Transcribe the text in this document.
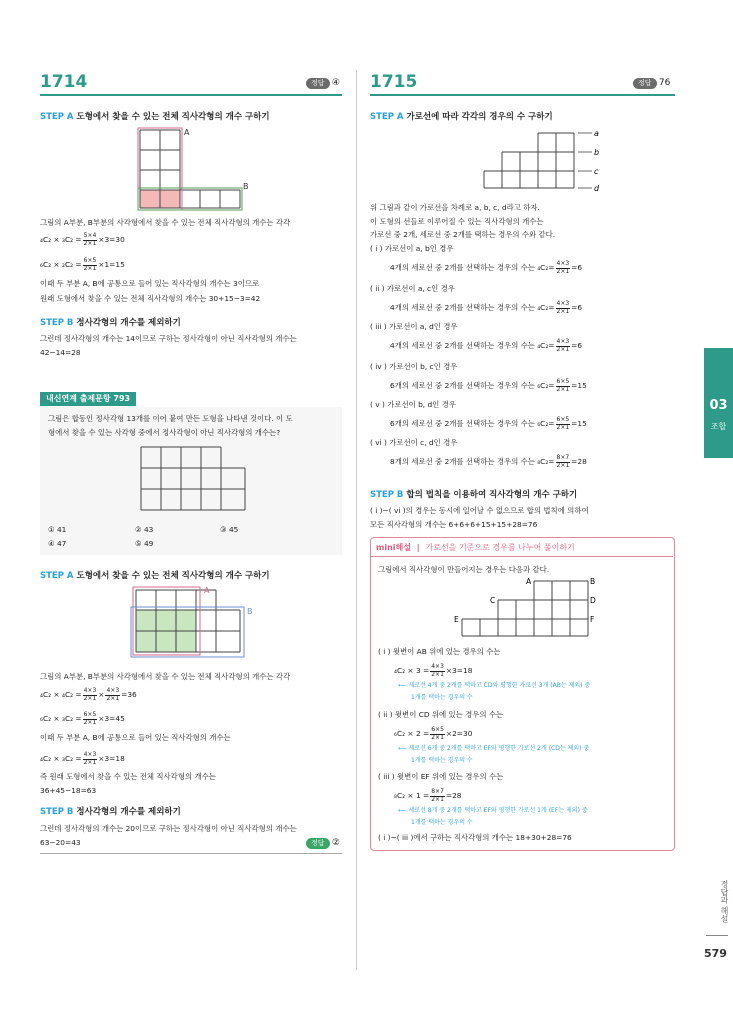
1714	정답 ④
STEP A 도형에서 찾을 수 있는 전체 직사각형의 개수 구하기
A
B
그림의 A부분, B부분의 사각형에서 찾을 수 있는 전체 직사각형의 개수는 각각
$_4C_2 \times _3C_2 = \frac{5\times 4}{2\times 1} \times 3=30$
$_6C_2 \times _2C_2 = \frac{6\times 5}{2\times 1} \times 1=15$
이때 두 부분 A, B에 공통으로 들어 있는 직사각형의 개수는 3이므로
원래 도형에서 찾을 수 있는 전체 직사각형의 개수는 30+15−3=42
STEP B 정사각형의 개수를 제외하기
그런데 정사각형의 개수는 14이므로 구하는 정사각형이 아닌 직사각형의 개수는
42−14=28
내신연계 출제문항 793
그림은 합동인 정사각형 13개를 이어 붙여 만든 도형을 나타낸 것이다. 이 도
형에서 찾을 수 있는 사각형 중에서 정사각형이 아닌 직사각형의 개수는?
① 41	② 43	③ 45
④ 47	⑤ 49
STEP A 도형에서 찾을 수 있는 전체 직사각형의 개수 구하기
A
B
그림의 A부분, B부분의 사각형에서 찾을 수 있는 전체 직사각형의 개수는 각각
$_4C_2 \times _4C_2 = \frac{4\times 3}{2\times 1} \times \frac{4\times 3}{2\times 1} =36$
$_6C_2 \times _3C_2 = \frac{6\times 5}{2\times 1} \times 3=45$
이때 두 부분 A, B에 공통으로 들어 있는 직사각형의 개수는
$_4C_2 \times _3C_2 = \frac{4\times 3}{2\times 1} \times 3=18$
즉 원래 도형에서 찾을 수 있는 전체 직사각형의 개수는
36+45−18=63
STEP B 정사각형의 개수를 제외하기
그런데 정사각형의 개수는 20이므로 구하는 정사각형이 아닌 직사각형의 개수는
63−20=43	정답 ②
1715	정답 76
STEP A 가로선에 따라 각각의 경우의 수 구하기
a
b
c
d
위 그림과 같이 가로선을 차례로 a, b, c, d라고 하자.
이 도형의 선들로 이루어질 수 있는 직사각형의 개수는
가로선 중 2개, 세로선 중 2개를 택하는 경우의 수와 같다.
( i ) 가로선이 a, b인 경우
4개의 세로선 중 2개를 선택하는 경우의 수는 $_4C_2= \frac{4\times 3}{2\times 1} =6$
( ii ) 가로선이 a, c인 경우
4개의 세로선 중 2개를 선택하는 경우의 수는 $_4C_2= \frac{4\times 3}{2\times 1} =6$
( iii ) 가로선이 a, d인 경우
4개의 세로선 중 2개를 선택하는 경우의 수는 $_4C_2= \frac{4\times 3}{2\times 1} =6$
( iv ) 가로선이 b, c인 경우
6개의 세로선 중 2개를 선택하는 경우의 수는 $_6C_2= \frac{6\times 5}{2\times 1} =15$
( v ) 가로선이 b, d인 경우
6개의 세로선 중 2개를 선택하는 경우의 수는 $_6C_2= \frac{6\times 5}{2\times 1} =15$
( vi ) 가로선이 c, d인 경우
8개의 세로선 중 2개를 선택하는 경우의 수는 $_8C_2= \frac{8\times 7}{2\times 1} =28$
STEP B 합의 법칙을 이용하여 직사각형의 개수 구하기
( i )~( vi )의 경우는 동시에 일어날 수 없으므로 합의 법칙에 의하여
모든 직사각형의 개수는 6+6+6+15+15+28=76
mini해설 | 가로선을 기준으로 경우를 나누어 풀이하기
그림에서 직사각형이 만들어지는 경우는 다음과 같다.
A	B
C	D
E	F
( i ) 윗변이 AB 위에 있는 경우의 수는
$_4C_2 \times 3 = \frac{4\times 3}{2\times 1} \times 3=18$
⟵ 세로선 4개 중 2개를 택하고 CD와 평행한 가로선 3개 (AB는 제외) 중
1개를 택하는 경우의 수
( ii ) 윗변이 CD 위에 있는 경우의 수는
$_6C_2 \times 2 = \frac{6\times 5}{2\times 1} \times 2=30$
⟵ 세로선 6개 중 2개를 택하고 EF와 평행한 가로선 2개 (CD는 제외) 중
1개를 택하는 경우의 수
( iii ) 윗변이 EF 위에 있는 경우의 수는
$_8C_2 \times 1 = \frac{8\times 7}{2\times 1} =28$
⟵ 세로선 8개 중 2개를 택하고 EF와 평행한 가로선 1개 (EF는 제외) 중
1개를 택하는 경우의 수
( i )~( iii )에서 구하는 직사각형의 개수는 18+30+28=76
03
조합
정답과 해설
579
